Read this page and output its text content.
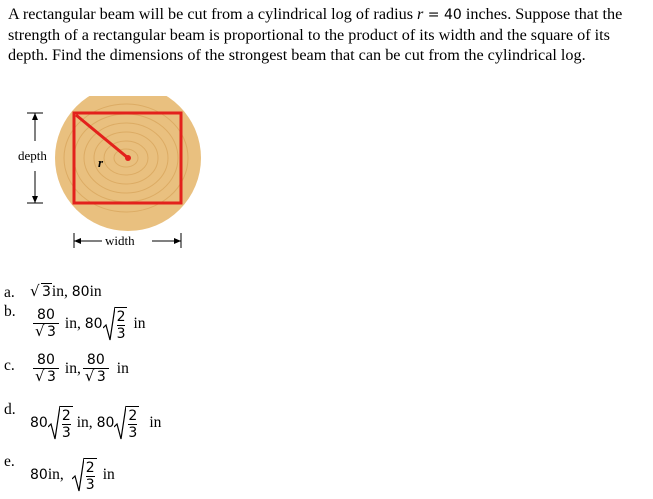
A rectangular beam will be cut from a cylindrical log of radius r = 40 inches. Suppose that the strength of a rectangular beam is proportional to the product of its width and the square of its depth. Find the dimensions of the strongest beam that can be cut from the cylindrical log.
depth
width
r
a. √ 3 in,
80 in
b. $\frac{80}{√ 3}$ in,
80 2
3
in
c. $\frac{80}{√ 3}$ in, $\frac{80}{√ 3}$ in
d.
80 2
3
in,
80 2
3
in
e.
80 in, 2
3
in
